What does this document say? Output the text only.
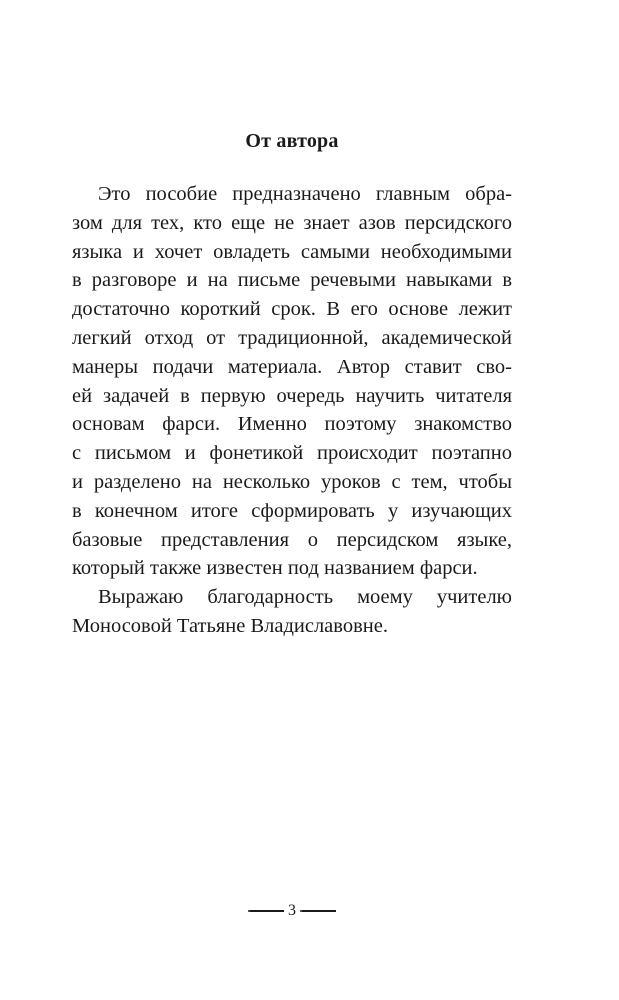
От автора
Это пособие предназначено главным обра-
зом для тех, кто еще не знает азов персидского
языка и хочет овладеть самыми необходимыми
в разговоре и на письме речевыми навыками в
достаточно короткий срок. В его основе лежит
легкий отход от традиционной, академической
манеры подачи материала. Автор ставит сво-
ей задачей в первую очередь научить читателя
основам фарси. Именно поэтому знакомство
с письмом и фонетикой происходит поэтапно
и разделено на несколько уроков с тем, чтобы
в конечном итоге сформировать у изучающих
базовые представления о персидском языке,
который также известен под названием фарси.
Выражаю благодарность моему учителю
Моносовой Татьяне Владиславовне.
3
